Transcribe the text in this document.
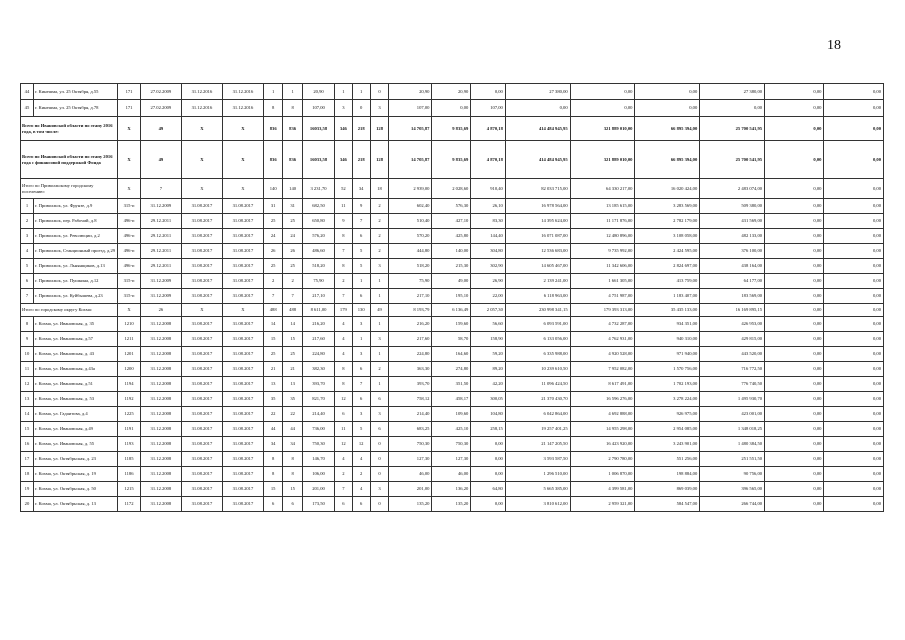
18
44	г. Кинешма, ул. 25 Октября, д.55	171	27.02.2009	31.12.2016	31.12.2016	1	1	20,90	1	1	0	20,90	20,90	0,00	27 380,00	0,00	0,00	27 380,00	0,00	0,00
45	г. Кинешма, ул. 25 Октября, д.78	171	27.02.2009	31.12.2016	31.12.2016	8	8	107,00	3	0	3	107,00	0,00	107,00	0,00	0,00	0,00	0,00	0,00	0,00
Всего по Ивановской области по этапу 2016 года, в том числе:		X	49	X	X	836	836	16033,58	346	218	128	14 705,87	9 835,69	4 870,18	414 484 945,95	321 889 010,00	66 895 394,00	25 700 541,95	0,00	0,00
Всего по Ивановской области по этапу 2016 года с финансовой поддержкой Фонда		X	49	X	X	836	836	16033,58	346	218	128	14 705,87	9 835,69	4 870,18	414 484 945,95	321 889 010,00	66 895 394,00	25 700 541,95	0,00	0,00
Итого по Приволжскому городскому поселению:		X	7	X	X	140	140	3 231,70	52	34	18	2 939,00	2 028,60	910,40	82 033 715,00	64 330 217,00	16 020 424,00	2 483 074,00	0,00	0,00
1	г. Приволжск, ул. Фрунзе, д.9	315-п	31.12.2009	31.08.2017	31.08.2017	31	31	682,50	11	9	2	602,40	576,30	26,10	16 978 564,00	13 185 615,00	3 283 569,00	509 380,00	0,00	0,00
2	г. Приволжск, пер. Рабочий, д.8	496-п	29.12.2011	31.08.2017	31.08.2017	25	25	650,80	9	7	2	510,40	427,10	83,30	14 395 624,00	11 171 876,00	2 782 179,00	431 569,00	0,00	0,00
3	г. Приволжск, ул. Революции, д.2	496-п	29.12.2011	31.08.2017	31.08.2017	24	24	576,20	8	6	2	570,20	425,80	144,40	16 071 087,00	12 480 896,00	3 108 058,00	482 133,00	0,00	0,00
4	г. Приволжск, Станционный проезд, д.29	496-п	29.12.2011	31.08.2017	31.08.2017	26	26	486,60	7	5	2	444,80	140,00	304,80	12 536 683,00	9 735 992,00	2 424 595,00	376 100,00	0,00	0,00
5	г. Приволжск, ул. Льнянщиков, д.13	496-п	29.12.2011	31.08.2017	31.08.2017	25	25	518,20	8	5	3	518,20	215,30	302,90	14 605 467,00	11 342 606,00	2 824 697,00	438 164,00	0,00	0,00
6	г. Приволжск, ул. Пушкина, д.12	315-п	31.12.2009	31.08.2017	31.08.2017	2	2	75,90	2	1	1	75,90	49,00	26,90	2 139 241,00	1 661 305,00	413 759,00	64 177,00	0,00	0,00
7	г. Приволжск, ул. Куйбышева, д.23	315-п	31.12.2009	31.08.2017	31.08.2017	7	7	217,10	7	6	1	217,10	195,10	22,00	6 118 963,00	4 751 987,00	1 183 407,00	183 569,00	0,00	0,00
Итого по городскому округу Кохма:		X	26	X	X	488	488	8 611,00	179	130	49	8 193,79	6 136,49	2 057,30	230 998 341,15	179 393 313,00	35 435 133,00	16 169 895,15	0,00	0,00
8	г. Кохма, ул. Ивановская, д. 35	1210	31.12.2008	31.08.2017	31.08.2017	14	14	216,20	4	3	1	216,20	159,60	56,60	6 093 591,00	4 732 287,00	934 351,00	426 953,00	0,00	0,00
9	г. Кохма, ул. Ивановская, д.57	1211	31.12.2008	31.08.2017	31.08.2017	15	15	217,60	4	1	3	217,60	58,70	158,90	6 133 056,00	4 762 931,00	940 310,00	429 815,00	0,00	0,00
10	г. Кохма, ул. Ивановская, д. 43	1201	31.12.2008	31.08.2017	31.08.2017	25	25	224,80	4	3	1	224,80	164,60	59,20	6 335 988,00	4 920 528,00	971 940,00	443 520,00	0,00	0,00
11	г. Кохма, ул. Ивановская, д.43а	1200	31.12.2008	31.08.2017	31.08.2017	21	21	382,30	8	6	2	363,30	274,80	89,20	10 239 610,50	7 952 082,00	1 570 756,00	716 772,50	0,00	0,00
12	г. Кохма, ул. Ивановская, д.51	1194	31.12.2008	31.08.2017	31.08.2017	13	13	393,70	8	7	1	393,70	351,50	42,20	11 096 424,50	8 617 491,00	1 702 193,00	776 740,50	0,00	0,00
13	г. Кохма, ул. Ивановская, д. 53	1192	31.12.2008	31.08.2017	31.08.2017	35	35	821,70	12	6	6	758,12	458,17	300,05	21 370 430,70	16 596 276,00	3 278 224,00	1 495 930,70	0,00	0,00
14	г. Кохма, ул. Гадаитова, д.4	1225	31.12.2008	31.08.2017	31.08.2017	22	22	214,40	6	3	3	214,40	109,60	104,80	6 042 864,00	4 692 888,00	926 975,00	423 001,00	0,00	0,00
15	г. Кохма, ул. Ивановская, д.49	1191	31.12.2008	31.08.2017	31.08.2017	44	44	736,00	11	5	6	683,25	425,10	258,15	19 257 401,25	14 955 298,00	2 954 085,00	1 348 018,25	0,00	0,00
16	г. Кохма, ул. Ивановская, д. 55	1193	31.12.2008	31.08.2017	31.08.2017	34	34	750,30	12	12	0	750,30	750,30	0,00	21 147 205,50	16 423 920,00	3 243 901,00	1 480 384,50	0,00	0,00
17	г. Кохма, ул. Октябрьская, д. 23	1185	31.12.2008	31.08.2017	31.08.2017	8	8	146,70	4	4	0	127,30	127,30	0,00	3 593 587,50	2 790 780,00	551 256,00	251 551,50	0,00	0,00
18	г. Кохма, ул. Октябрьская, д. 19	1186	31.12.2008	31.08.2017	31.08.2017	8	8	106,00	2	2	0	46,00	46,00	0,00	1 296 510,00	1 006 870,00	198 884,00	90 756,00	0,00	0,00
19	г. Кохма, ул. Октябрьская, д. 50	1215	31.12.2008	31.08.2017	31.08.2017	15	15	201,00	7	4	3	201,00	136,20	64,80	5 665 385,00	4 399 581,00	869 039,00	396 565,00	0,00	0,00
20	г. Кохма, ул. Октябрьская, д. 13	1172	31.12.2008	31.08.2017	31.08.2017	6	6	173,50	6	6	0	135,20	135,20	0,00	3 810 612,00	2 959 321,00	584 547,00	266 744,00	0,00	0,00
